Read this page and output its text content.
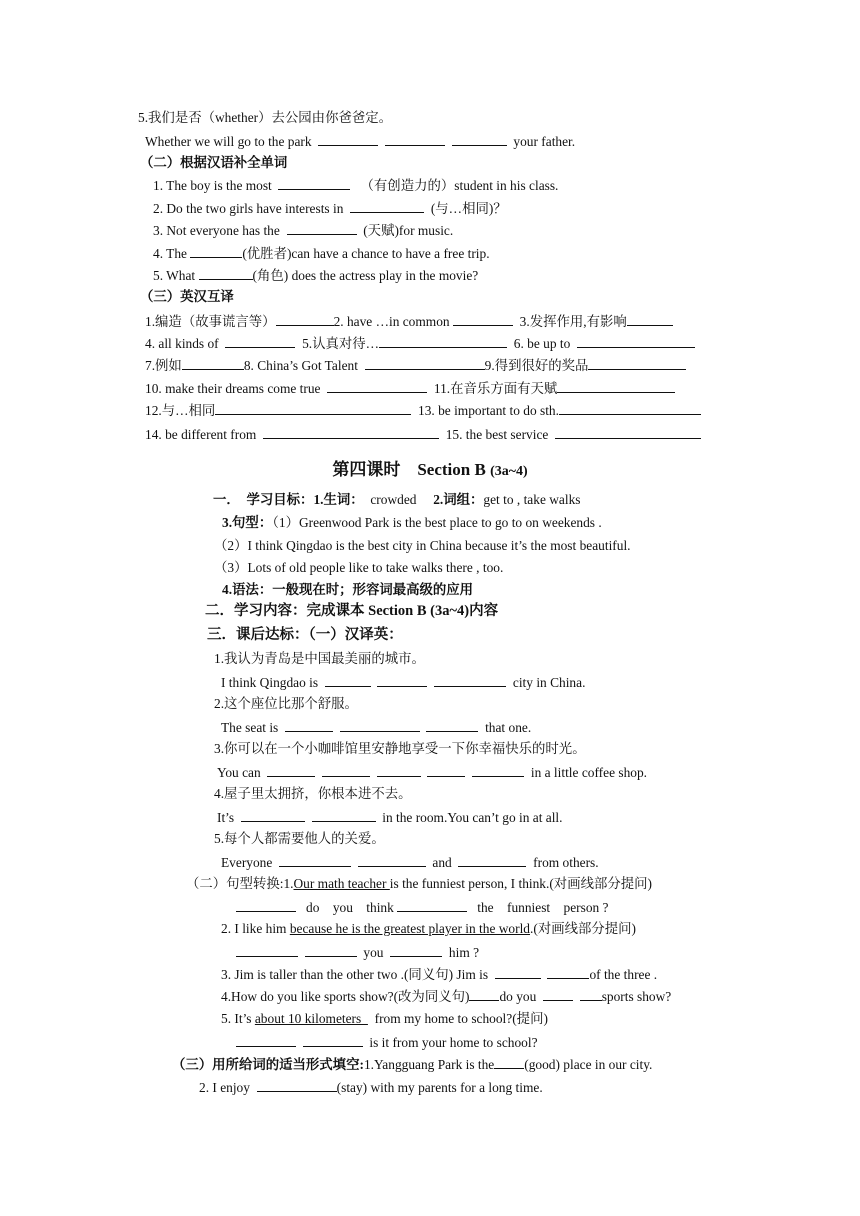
5.我们是否（whether）去公园由你爸爸定。
Whether we will go to the park	your father.
（二）根据汉语补全单词
1. The boy is the most	（有创造力的）student in his class.
2. Do the two girls have interests in	(与…相同)？
3. Not everyone has the	(天赋)for music.
4. The	(优胜者)can have a chance to have a free trip.
5. What	(角色) does the actress play in the movie?
（三）英汉互译
1.编造（故事谎言等）	2. have …in common	3.发挥作用,有影响
4. all kinds of	5.认真对待…	6. be up to
7.例如	8. China’s Got Talent	9.得到很好的奖品
10. make their dreams come true	11.在音乐方面有天赋
12.与…相同	13. be important to do sth.
14. be different from	15. the best service
第四课时    Section B (3a~4)
一．  学习目标：1.生词：  crowded     2.词组：get to , take walks
3.句型：（1）Greenwood Park is the best place to go to on weekends .
（2）I think Qingdao is the best city in China because it’s the most beautiful.
（3）Lots of old people like to take walks there , too.
4.语法：一般现在时；形容词最高级的应用
二．学习内容：完成课本 Section B (3a~4)内容
三．课后达标：（一）汉译英：
1.我认为青岛是中国最美丽的城市。
I think Qingdao is	city in China.
2.这个座位比那个舒服。
The seat is	that one.
3.你可以在一个小咖啡馆里安静地享受一下你幸福快乐的时光。
You can	in a little coffee shop.
4.屋子里太拥挤，你根本进不去。
It’s	in the room.You can’t go in at all.
5.每个人都需要他人的关爱。
Everyone	and	from others.
（二）句型转换:1.Our math teacher is the funniest person, I think.(对画线部分提问)
do    you    think	the    funniest    person ?
2. I like him because he is the greatest player in the world.(对画线部分提问)
you	him ?
3. Jim is taller than the other two .(同义句) Jim is	of the three .
4.How do you like sports show?(改为同义句) do you	sports show?
5. It’s about 10 kilometers    from my home to school?(提问)
is it from your home to school?
（三）用所给词的适当形式填空:1.Yangguang Park is the (good) place in our city.
2. I enjoy	(stay) with my parents for a long time.
